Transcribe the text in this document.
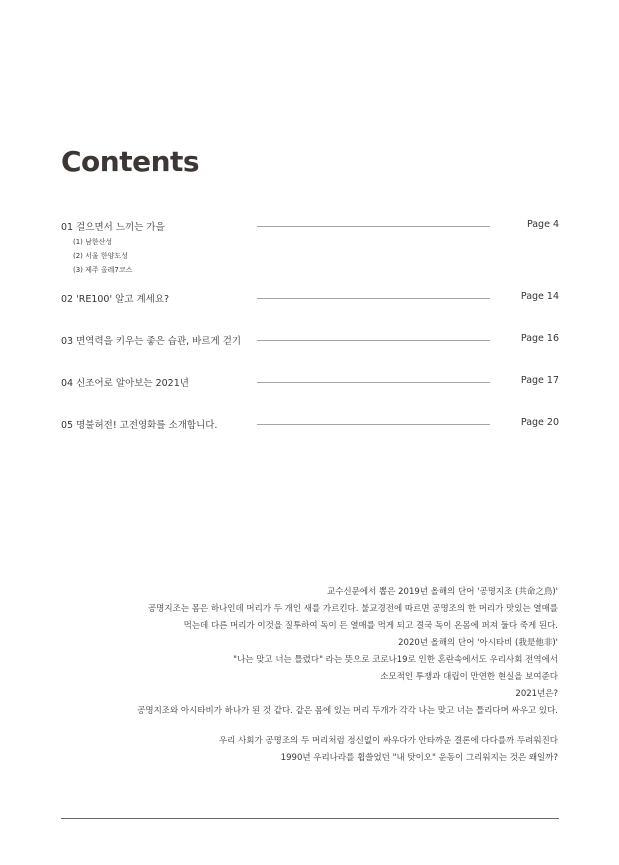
Contents
01 걸으면서 느끼는 가을	Page 4
(1) 남한산성
(2) 서울 한양도성
(3) 제주 올레7코스
02 'RE100' 알고 계세요?	Page 14
03 면역력을 키우는 좋은 습관, 바르게 걷기	Page 16
04 신조어로 알아보는 2021년	Page 17
05 명불허전! 고전영화를 소개합니다.	Page 20
교수신문에서 뽑은 2019년 올해의 단어 '공명지조 (共命之鳥)'
공명지조는 몸은 하나인데 머리가 두 개인 새를 가르킨다. 불교경전에 따르면 공명조의 한 머리가 맛있는 열매를
먹는데 다른 머리가 이것을 질투하여 독이 든 열매를 먹게 되고 결국 독이 온몸에 퍼져 둘다 죽게 된다.
2020년 올해의 단어 '아시타비 (我是他非)'
"나는 맞고 너는 틀렸다" 라는 뜻으로 코로나19로 인한 혼란속에서도 우리사회 전역에서
소모적인 투쟁과 대립이 만연한 현실을 보여준다
2021년은?
공명지조와 아시타비가 하나가 된 것 같다. 같은 몸에 있는 머리 두개가 각각 나는 맞고 너는 틀리다며 싸우고 있다.
우리 사회가 공명조의 두 머리처럼 정신없이 싸우다가 안타까운 결론에 다다를까 두려워진다
1990년 우리나라를 휩쓸었던 "내 탓이오" 운동이 그리워지는 것은 왜일까?
